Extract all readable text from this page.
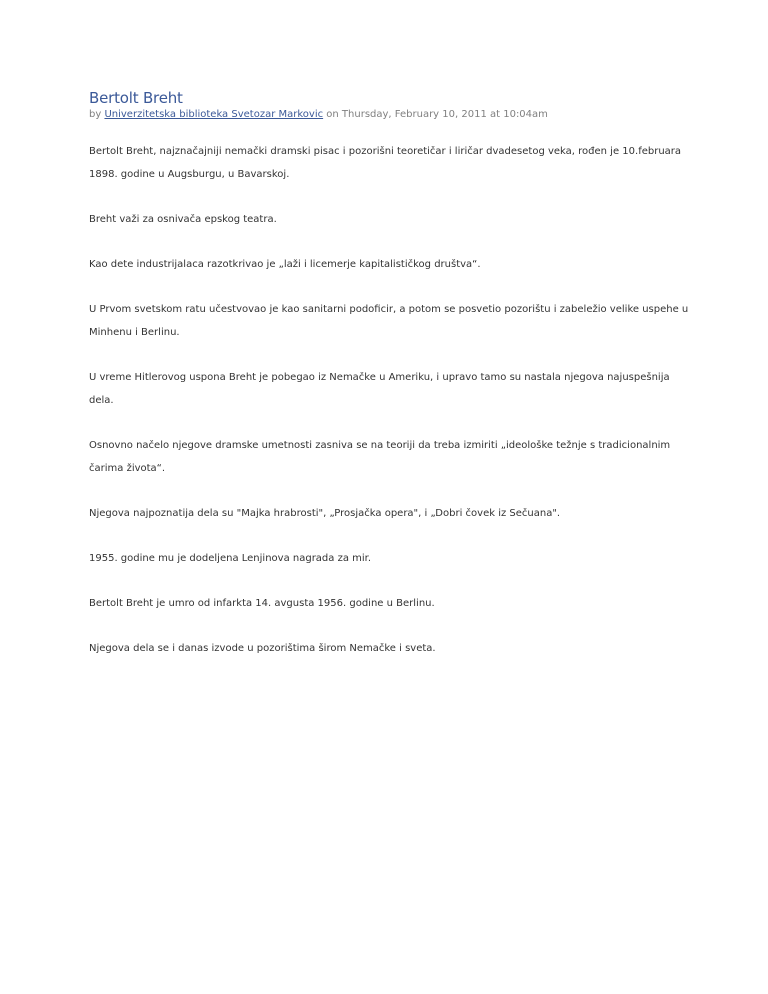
Bertolt Breht

by Univerzitetska biblioteka Svetozar Markovic on Thursday, February 10, 2011 at 10:04am

Bertolt Breht, najznačajniji nemački dramski pisac i pozorišni teoretičar i liričar dvadesetog veka, rođen je 10.februara 1898. godine u Augsburgu, u Bavarskoj.

Breht važi za osnivača epskog teatra.

Kao dete industrijalaca razotkrivao je „laži i licemerje kapitalističkog društva“.

U Prvom svetskom ratu učestvovao je kao sanitarni podoficir, a potom se posvetio pozorištu i zabeležio velike uspehe u Minhenu i Berlinu.

U vreme Hitlerovog uspona Breht je pobegao iz Nemačke u Ameriku, i upravo tamo su nastala njegova najuspešnija dela.

Osnovno načelo njegove dramske umetnosti zasniva se na teoriji da treba izmiriti „ideološke težnje s tradicionalnim čarima života“.

Njegova najpoznatija dela su "Majka hrabrosti", „Prosjačka opera", i „Dobri čovek iz Sečuana".

1955. godine mu je dodeljena Lenjinova nagrada za mir.

Bertolt Breht je umro od infarkta 14. avgusta 1956. godine u Berlinu.

Njegova dela se i danas izvode u pozorištima širom Nemačke i sveta.
